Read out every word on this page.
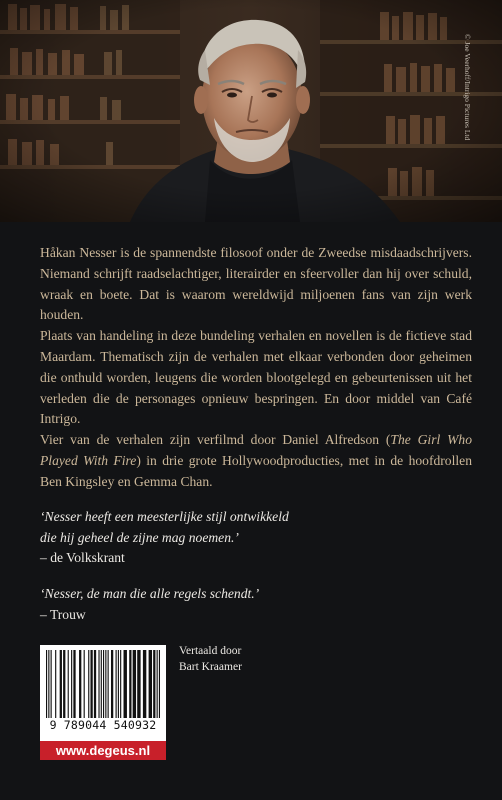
© Joe Veerhoff/Intrigo Pictures Ltd

Håkan Nesser is de spannendste filosoof onder de Zweedse misdaadschrijvers. Niemand schrijft raadselachtiger, literairder en sfeervoller dan hij over schuld, wraak en boete. Dat is waarom wereldwijd miljoenen fans van zijn werk houden.

Plaats van handeling in deze bundeling verhalen en novellen is de fictieve stad Maardam. Thematisch zijn de verhalen met elkaar verbonden door geheimen die onthuld worden, leugens die worden blootgelegd en gebeurtenissen uit het verleden die de personages opnieuw bespringen. En door middel van Café Intrigo.

Vier van de verhalen zijn verfilmd door Daniel Alfredson (The Girl Who Played With Fire) in drie grote Hollywoodproducties, met in de hoofdrollen Ben Kingsley en Gemma Chan.

‘Nesser heeft een meesterlijke stijl ontwikkeld
die hij geheel de zijne mag noemen.’
– de Volkskrant
‘Nesser, de man die alle regels schendt.’
– Trouw
9 789044 540932
www.degeus.nl
Vertaald door
Bart Kraamer
